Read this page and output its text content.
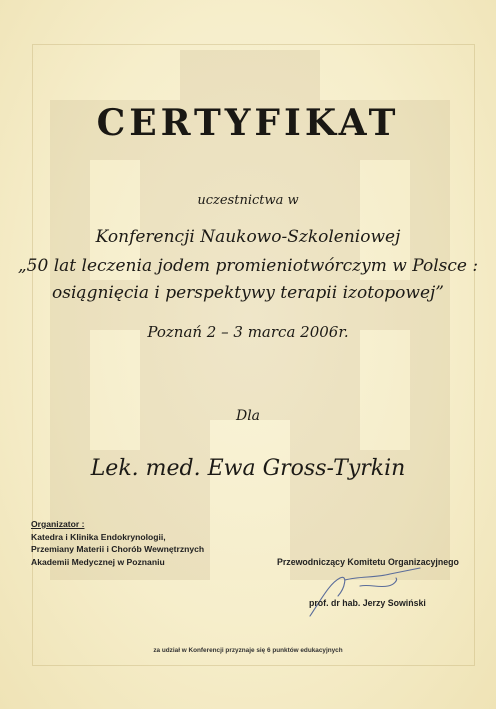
CERTYFIKAT
uczestnictwa w
Konferencji Naukowo-Szkoleniowej
„50 lat leczenia jodem promieniotwórczym w Polsce :
osiągnięcia i perspektywy terapii izotopowej”
Poznań 2 – 3 marca 2006r.
Dla
Lek. med. Ewa Gross-Tyrkin
Organizator :
Katedra i Klinika Endokrynologii,
Przemiany Materii i Chorób Wewnętrznych
Akademii Medycznej w Poznaniu	Przewodniczący Komitetu Organizacyjnego
prof. dr hab. Jerzy Sowiński
za udział w Konferencji przyznaje się 6 punktów edukacyjnych
